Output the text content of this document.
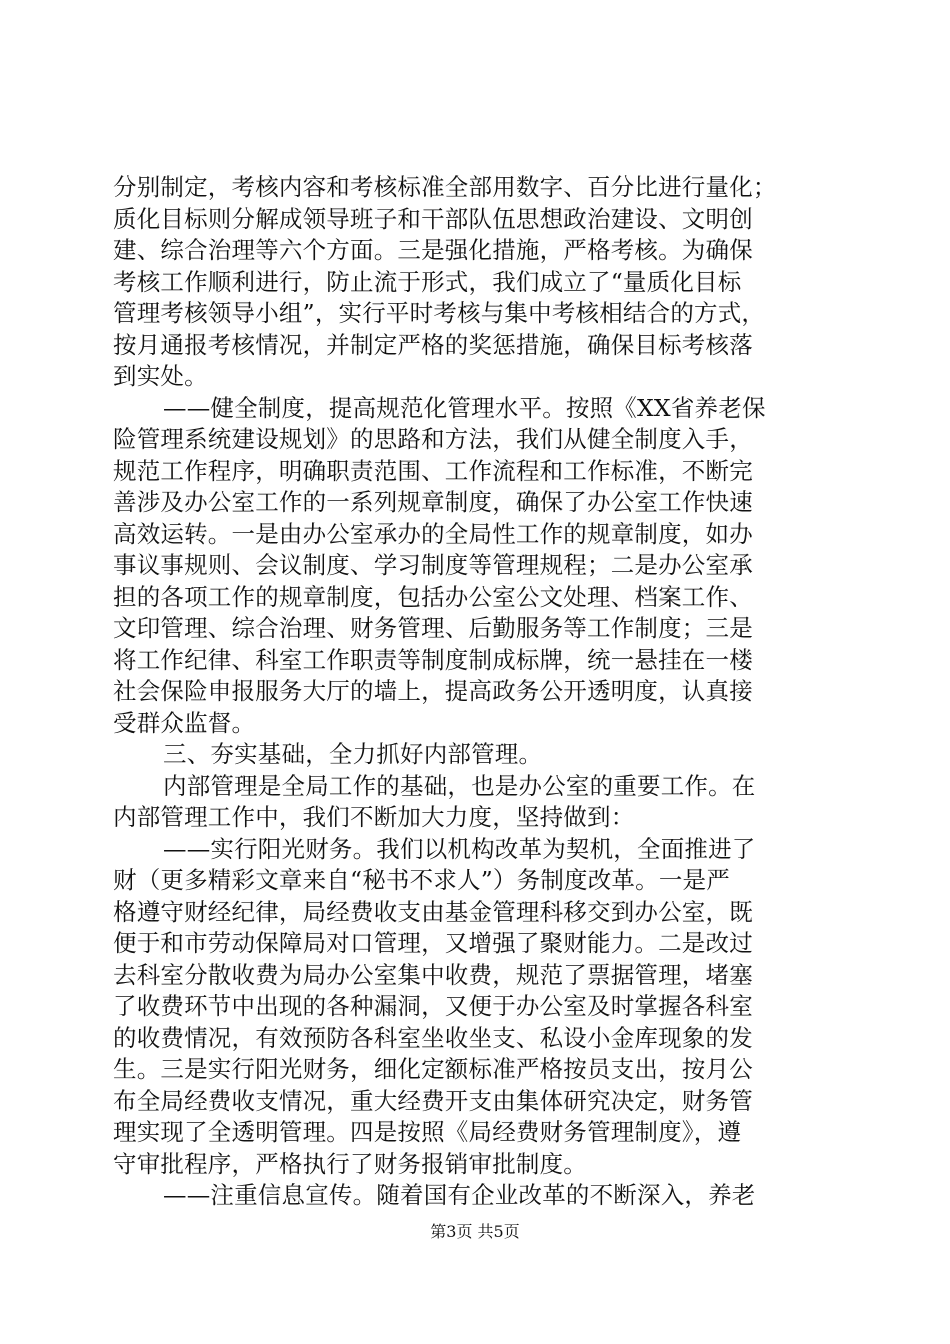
分别制定，考核内容和考核标准全部用数字、百分比进行量化；
质化目标则分解成领导班子和干部队伍思想政治建设、文明创
建、综合治理等六个方面。三是强化措施，严格考核。为确保
考核工作顺利进行，防止流于形式，我们成立了“量质化目标
管理考核领导小组”，实行平时考核与集中考核相结合的方式，
按月通报考核情况，并制定严格的奖惩措施，确保目标考核落
到实处。
——健全制度，提高规范化管理水平。按照《XX省养老保
险管理系统建设规划》的思路和方法，我们从健全制度入手，
规范工作程序，明确职责范围、工作流程和工作标准，不断完
善涉及办公室工作的一系列规章制度，确保了办公室工作快速
高效运转。一是由办公室承办的全局性工作的规章制度，如办
事议事规则、会议制度、学习制度等管理规程；二是办公室承
担的各项工作的规章制度，包括办公室公文处理、档案工作、
文印管理、综合治理、财务管理、后勤服务等工作制度；三是
将工作纪律、科室工作职责等制度制成标牌，统一悬挂在一楼
社会保险申报服务大厅的墙上，提高政务公开透明度，认真接
受群众监督。
三、夯实基础，全力抓好内部管理。
内部管理是全局工作的基础，也是办公室的重要工作。在
内部管理工作中，我们不断加大力度，坚持做到：
——实行阳光财务。我们以机构改革为契机，全面推进了
财（更多精彩文章来自“秘书不求人”）务制度改革。一是严
格遵守财经纪律，局经费收支由基金管理科移交到办公室，既
便于和市劳动保障局对口管理，又增强了聚财能力。二是改过
去科室分散收费为局办公室集中收费，规范了票据管理，堵塞
了收费环节中出现的各种漏洞，又便于办公室及时掌握各科室
的收费情况，有效预防各科室坐收坐支、私设小金库现象的发
生。三是实行阳光财务，细化定额标准严格按员支出，按月公
布全局经费收支情况，重大经费开支由集体研究决定，财务管
理实现了全透明管理。四是按照《局经费财务管理制度》，遵
守审批程序，严格执行了财务报销审批制度。
——注重信息宣传。随着国有企业改革的不断深入，养老
第3页 共5页
